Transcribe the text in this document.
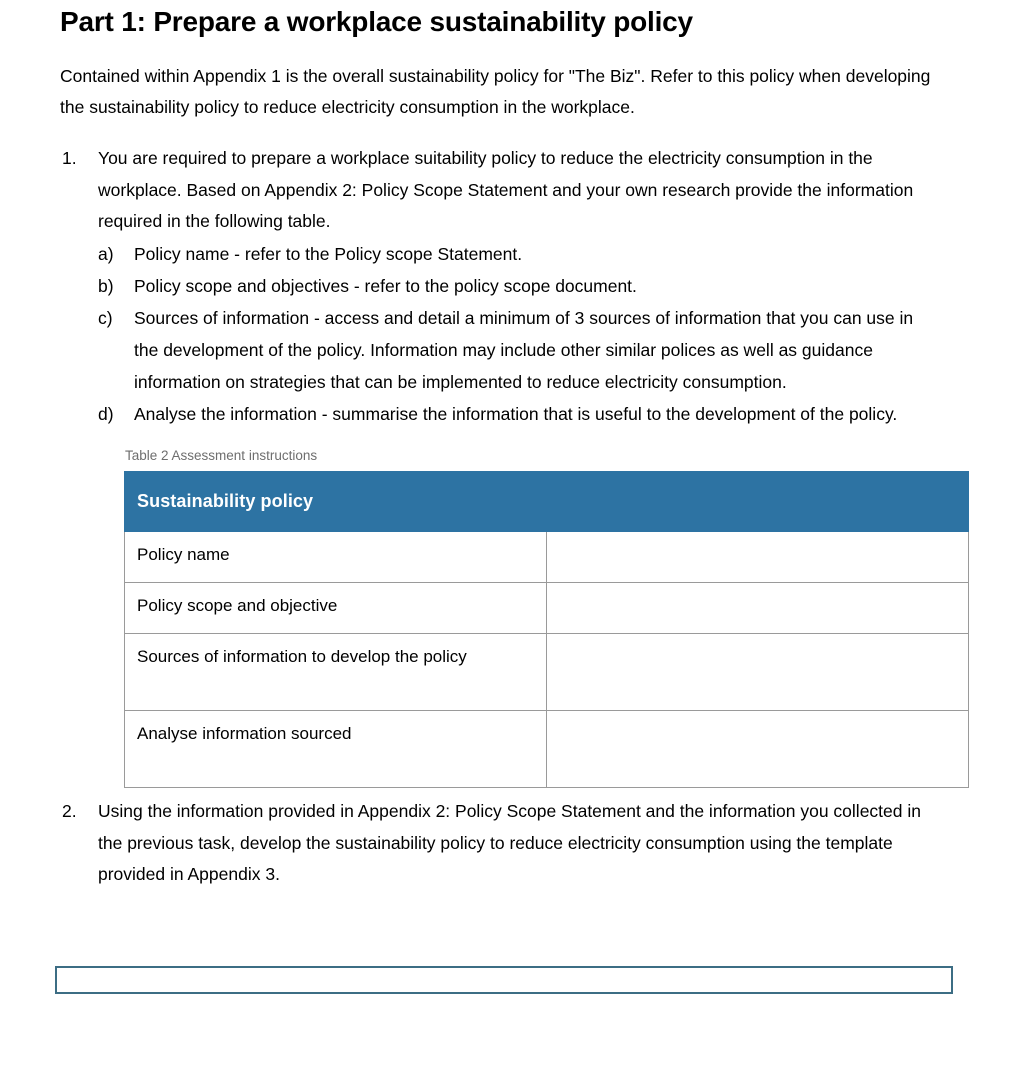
Part 1: Prepare a workplace sustainability policy

Contained within Appendix 1 is the overall sustainability policy for "The Biz". Refer to this policy when developing the sustainability policy to reduce electricity consumption in the workplace.

1.	You are required to prepare a workplace suitability policy to reduce the electricity consumption in the workplace. Based on Appendix 2: Policy Scope Statement and your own research provide the information required in the following table.
a)	Policy name - refer to the Policy scope Statement.
b)	Policy scope and objectives - refer to the policy scope document.
c)	Sources of information - access and detail a minimum of 3 sources of information that you can use in the development of the policy. Information may include other similar polices as well as guidance information on strategies that can be implemented to reduce electricity consumption.
d)	Analyse the information - summarise the information that is useful to the development of the policy.
Table 2 Assessment instructions
Sustainability policy	
Policy name	
Policy scope and objective	
Sources of information to develop the policy	
Analyse information sourced	
2.	Using the information provided in Appendix 2: Policy Scope Statement and the information you collected in the previous task, develop the sustainability policy to reduce electricity consumption using the template provided in Appendix 3.
